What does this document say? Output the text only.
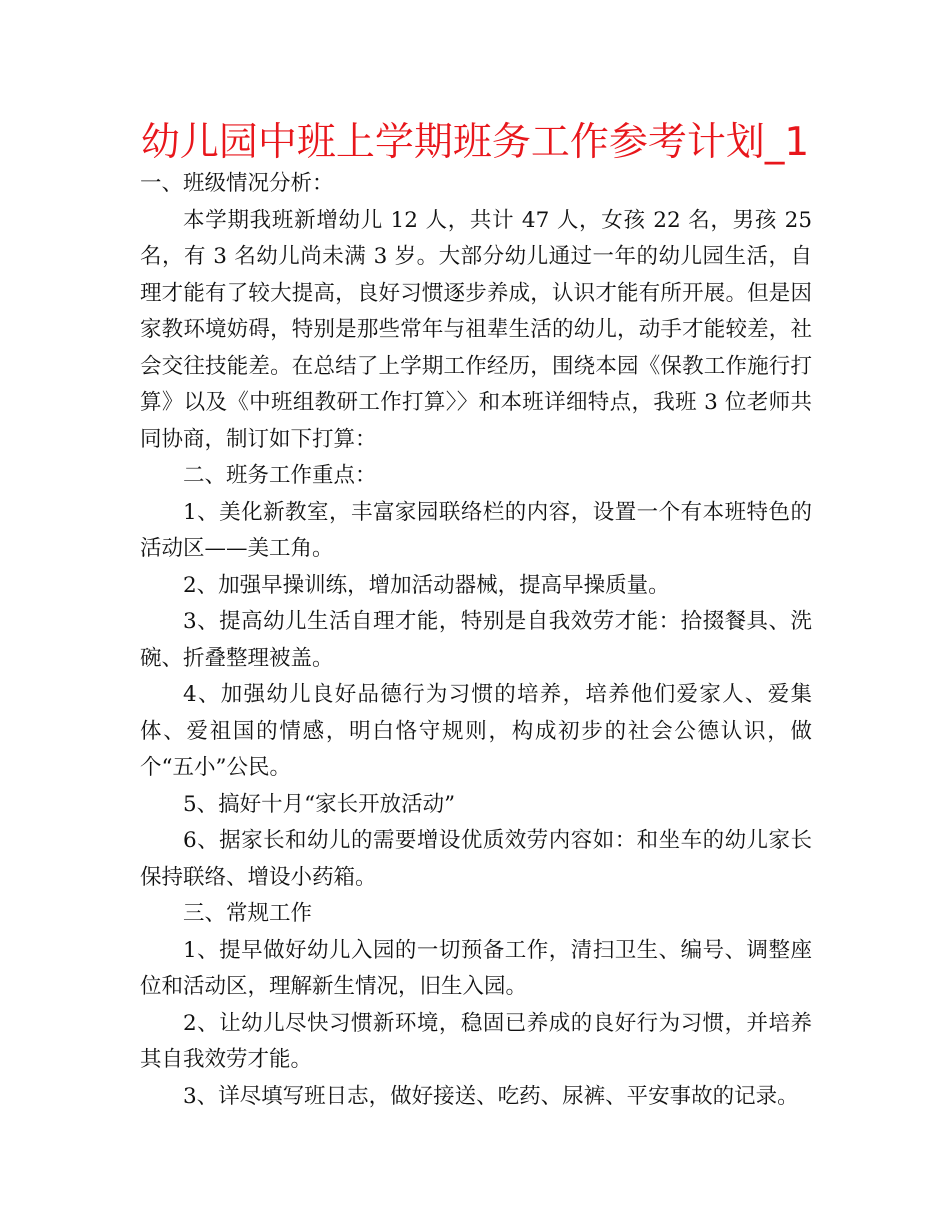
幼儿园中班上学期班务工作参考计划_1

一、班级情况分析：

本学期我班新增幼儿 12 人，共计 47 人，女孩 22 名，男孩 25 名，有 3 名幼儿尚未满 3 岁。大部分幼儿通过一年的幼儿园生活，自理才能有了较大提高，良好习惯逐步养成，认识才能有所开展。但是因家教环境妨碍，特别是那些常年与祖辈生活的幼儿，动手才能较差，社会交往技能差。在总结了上学期工作经历，围绕本园《保教工作施行打算》以及《中班组教研工作打算〉〉和本班详细特点，我班 3 位老师共同协商，制订如下打算：

二、班务工作重点：

1、美化新教室，丰富家园联络栏的内容，设置一个有本班特色的活动区——美工角。

2、加强早操训练，增加活动器械，提高早操质量。

3、提高幼儿生活自理才能，特别是自我效劳才能：拾掇餐具、洗碗、折叠整理被盖。

4、加强幼儿良好品德行为习惯的培养，培养他们爱家人、爱集体、爱祖国的情感，明白恪守规则，构成初步的社会公德认识，做个“五小”公民。

5、搞好十月“家长开放活动”

6、据家长和幼儿的需要增设优质效劳内容如：和坐车的幼儿家长保持联络、增设小药箱。

三、常规工作

1、提早做好幼儿入园的一切预备工作，清扫卫生、编号、调整座位和活动区，理解新生情况，旧生入园。

2、让幼儿尽快习惯新环境，稳固已养成的良好行为习惯，并培养其自我效劳才能。

3、详尽填写班日志，做好接送、吃药、尿裤、平安事故的记录。
